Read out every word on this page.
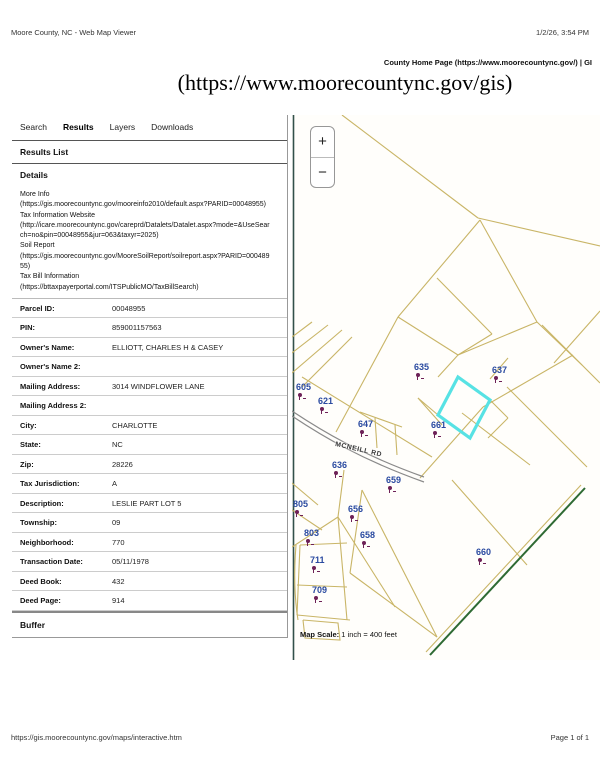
Moore County, NC - Web Map Viewer	1/2/26, 3:54 PM
County Home Page (https://www.moorecountync.gov/) | GI
(https://www.moorecountync.gov/gis)
Search Results Layers Downloads
Results List
Details
More Info
(https://gis.moorecountync.gov/mooreinfo2010/default.aspx?PARID=00048955)
Tax Information Website
(http://icare.moorecountync.gov/careprd/Datalets/Datalet.aspx?mode=&UseSearch=no&pin=00048955&jur=063&taxyr=2025)
Soil Report
(https://gis.moorecountync.gov/MooreSoilReport/soilreport.aspx?PARID=00048955)
Tax Bill Information
(https://bttaxpayerportal.com/ITSPublicMO/TaxBillSearch)
Parcel ID:	00048955
PIN:	859001157563
Owner's Name:	ELLIOTT, CHARLES H & CASEY
Owner's Name 2:
Mailing Address:	3014 WINDFLOWER LANE
Mailing Address 2:
City:	CHARLOTTE
State:	NC
Zip:	28226
Tax Jurisdiction:	A
Description:	LESLIE PART LOT 5
Township:	09
Neighborhood:	770
Transaction Date:	05/11/1978
Deed Book:	432
Deed Page:	914
Buffer
+
−
MCNEILL RD
Map Scale: 1 inch = 400 feet
605
621
635	637
647	661
636
659
805	656
803	658
711
709
660
https://gis.moorecountync.gov/maps/interactive.htm	Page 1 of 1
